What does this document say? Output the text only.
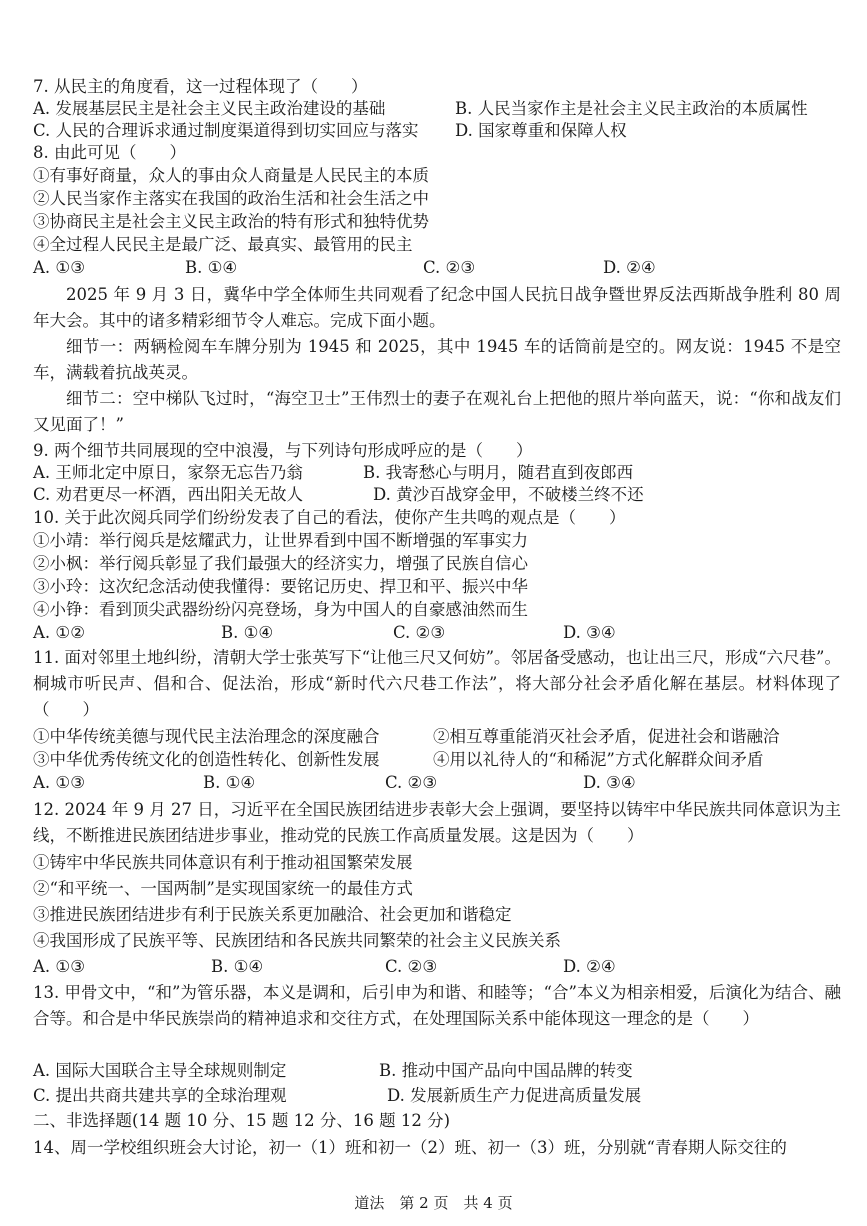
7. 从民主的角度看，这一过程体现了（　　）
A. 发展基层民主是社会主义民主政治建设的基础	B. 人民当家作主是社会主义民主政治的本质属性
C. 人民的合理诉求通过制度渠道得到切实回应与落实 D. 国家尊重和保障人权
8. 由此可见（　　）
①有事好商量，众人的事由众人商量是人民民主的本质
②人民当家作主落实在我国的政治生活和社会生活之中
③协商民主是社会主义民主政治的特有形式和独特优势
④全过程人民民主是最广泛、最真实、最管用的民主
A. ①③	B. ①④	C. ②③	D. ②④
2025 年 9 月 3 日，冀华中学全体师生共同观看了纪念中国人民抗日战争暨世界反法西斯战争胜利 80 周年大会。其中的诸多精彩细节令人难忘。完成下面小题。
细节一：两辆检阅车车牌分别为 1945 和 2025，其中 1945 车的话筒前是空的。网友说：1945 不是空车，满载着抗战英灵。
细节二：空中梯队飞过时，“海空卫士”王伟烈士的妻子在观礼台上把他的照片举向蓝天，说：“你和战友们又见面了！”
9. 两个细节共同展现的空中浪漫，与下列诗句形成呼应的是（　　）
A. 王师北定中原日，家祭无忘告乃翁	B. 我寄愁心与明月，随君直到夜郎西
C. 劝君更尽一杯酒，西出阳关无故人	D. 黄沙百战穿金甲，不破楼兰终不还
10. 关于此次阅兵同学们纷纷发表了自己的看法，使你产生共鸣的观点是（　　）
①小靖：举行阅兵是炫耀武力，让世界看到中国不断增强的军事实力
②小枫：举行阅兵彰显了我们最强大的经济实力，增强了民族自信心
③小玲：这次纪念活动使我懂得：要铭记历史、捍卫和平、振兴中华
④小铮：看到顶尖武器纷纷闪亮登场，身为中国人的自豪感油然而生
A. ①②	B. ①④	C. ②③	D. ③④
11. 面对邻里土地纠纷，清朝大学士张英写下“让他三尺又何妨”。邻居备受感动，也让出三尺，形成“六尺巷”。桐城市听民声、倡和合、促法治，形成“新时代六尺巷工作法”，将大部分社会矛盾化解在基层。材料体现了（　　）
①中华传统美德与现代民主法治理念的深度融合	②相互尊重能消灭社会矛盾，促进社会和谐融洽
③中华优秀传统文化的创造性转化、创新性发展	④用以礼待人的“和稀泥”方式化解群众间矛盾
A. ①③	B. ①④	C. ②③	D. ③④
12. 2024 年 9 月 27 日，习近平在全国民族团结进步表彰大会上强调，要坚持以铸牢中华民族共同体意识为主线，不断推进民族团结进步事业，推动党的民族工作高质量发展。这是因为（　　）
①铸牢中华民族共同体意识有利于推动祖国繁荣发展
②“和平统一、一国两制”是实现国家统一的最佳方式
③推进民族团结进步有利于民族关系更加融洽、社会更加和谐稳定
④我国形成了民族平等、民族团结和各民族共同繁荣的社会主义民族关系
A. ①③	B. ①④	C. ②③	D. ②④
13. 甲骨文中，“和”为管乐器，本义是调和，后引申为和谐、和睦等；“合”本义为相亲相爱，后演化为结合、融合等。和合是中华民族崇尚的精神追求和交往方式，在处理国际关系中能体现这一理念的是（　　）
A. 国际大国联合主导全球规则制定	B. 推动中国产品向中国品牌的转变
C. 提出共商共建共享的全球治理观	D. 发展新质生产力促进高质量发展
二、非选择题(14 题 10 分、15 题 12 分、16 题 12 分)
14、周一学校组织班会大讨论，初一（1）班和初一（2）班、初一（3）班，分别就“青春期人际交往的
道法　第 2 页　共 4 页
